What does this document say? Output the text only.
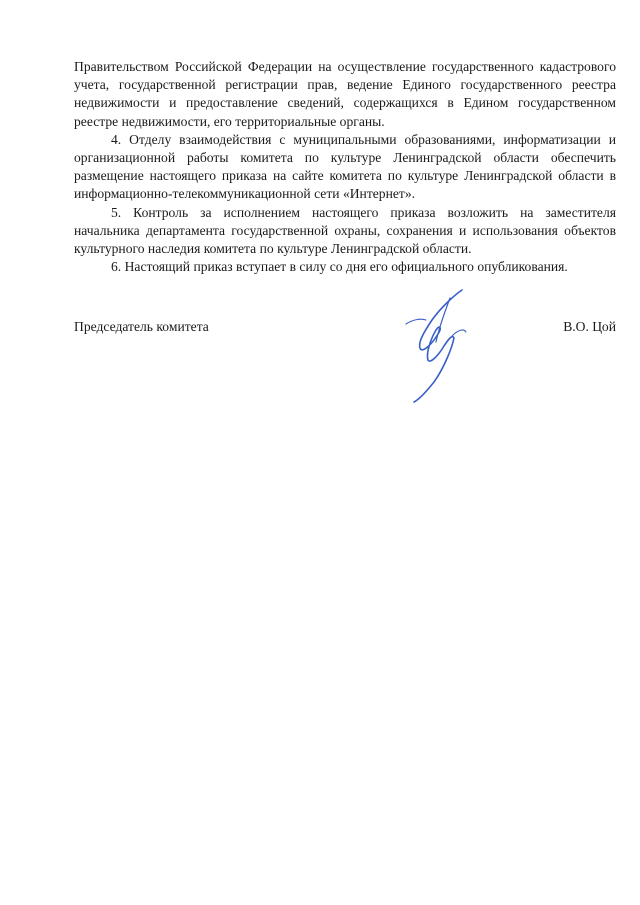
Правительством Российской Федерации на осуществление государственного кадастрового учета, государственной регистрации прав, ведение Единого государственного реестра недвижимости и предоставление сведений, содержащихся в Едином государственном реестре недвижимости, его территориальные органы.

4. Отделу взаимодействия с муниципальными образованиями, информатизации и организационной работы комитета по культуре Ленинградской области обеспечить размещение настоящего приказа на сайте комитета по культуре Ленинградской области в информационно-телекоммуникационной сети «Интернет».

5. Контроль за исполнением настоящего приказа возложить на заместителя начальника департамента государственной охраны, сохранения и использования объектов культурного наследия комитета по культуре Ленинградской области.

6. Настоящий приказ вступает в силу со дня его официального опубликования.

Председатель комитета	В.О. Цой
